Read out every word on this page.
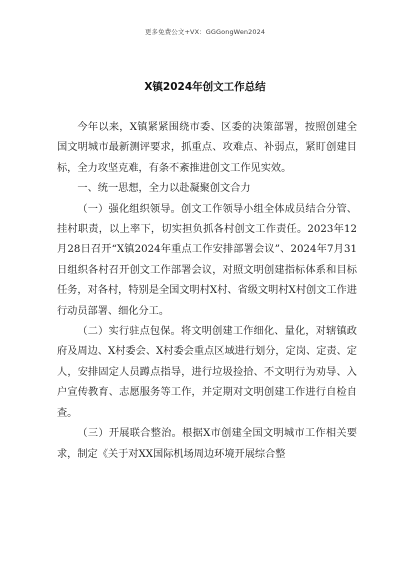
更多免费公文+VX：GGGongWen2024
X镇2024年创文工作总结

今年以来，X镇紧紧围绕市委、区委的决策部署，按照创建全国文明城市最新测评要求，抓重点、攻难点、补弱点，紧盯创建目标，全力攻坚克难，有条不紊推进创文工作见实效。

一、统一思想，全力以赴凝聚创文合力

（一）强化组织领导。创文工作领导小组全体成员结合分管、挂村职责，以上率下，切实担负抓各村创文工作责任。2023年12月28日召开“X镇2024年重点工作安排部署会议”、2024年7月31日组织各村召开创文工作部署会议，对照文明创建指标体系和目标任务，对各村，特别是全国文明村X村、省级文明村X村创文工作进行动员部署、细化分工。

（二）实行驻点包保。将文明创建工作细化、量化，对辖镇政府及周边、X村委会、X村委会重点区域进行划分，定岗、定责、定人，安排固定人员蹲点指导，进行垃圾捡拾、不文明行为劝导、入户宣传教育、志愿服务等工作，并定期对文明创建工作进行自检自查。

（三）开展联合整治。根据X市创建全国文明城市工作相关要求，制定《关于对XX国际机场周边环境开展综合整
